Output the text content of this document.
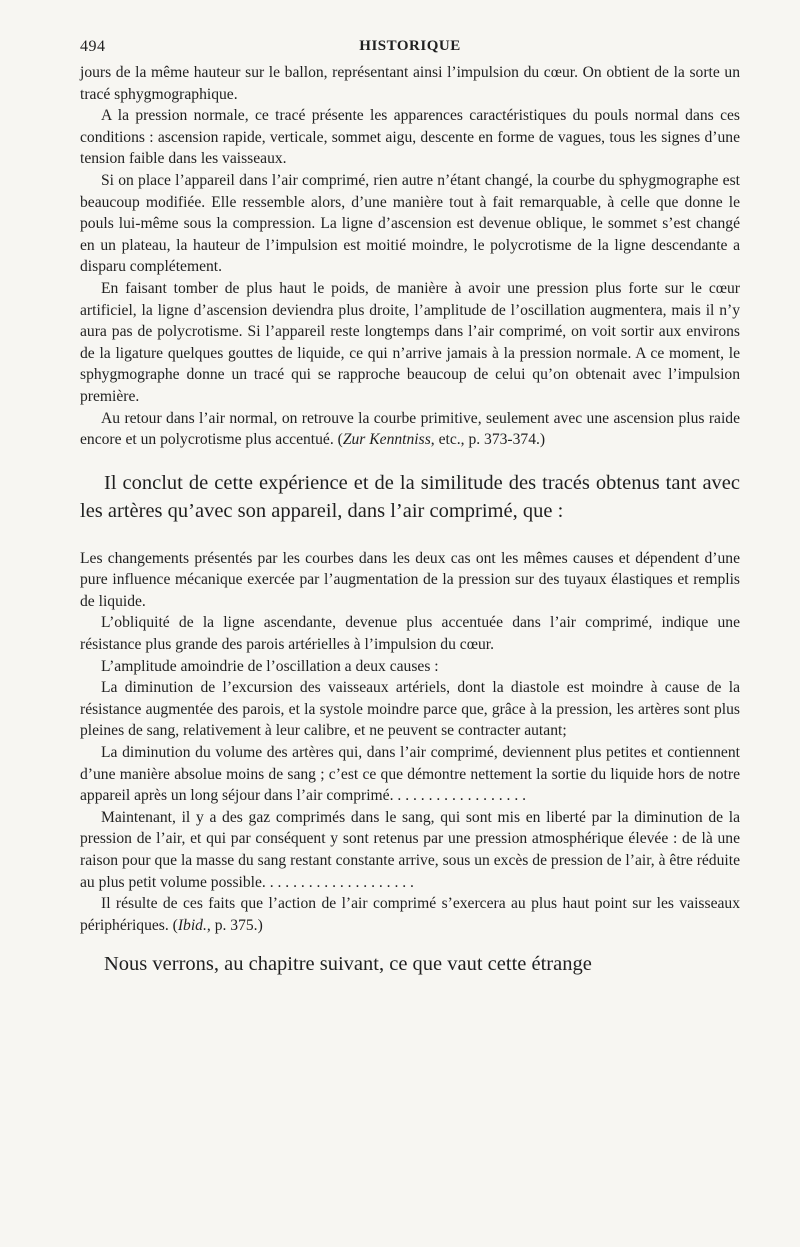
494	HISTORIQUE

jours de la même hauteur sur le ballon, représentant ainsi l’impulsion du cœur. On obtient de la sorte un tracé sphygmographique.

A la pression normale, ce tracé présente les apparences caractéristiques du pouls normal dans ces conditions : ascension rapide, verticale, sommet aigu, descente en forme de vagues, tous les signes d’une tension faible dans les vaisseaux.

Si on place l’appareil dans l’air comprimé, rien autre n’étant changé, la courbe du sphygmographe est beaucoup modifiée. Elle ressemble alors, d’une manière tout à fait remarquable, à celle que donne le pouls lui-même sous la compression. La ligne d’ascension est devenue oblique, le sommet s’est changé en un plateau, la hauteur de l’impulsion est moitié moindre, le polycrotisme de la ligne descendante a disparu complétement.

En faisant tomber de plus haut le poids, de manière à avoir une pression plus forte sur le cœur artificiel, la ligne d’ascension deviendra plus droite, l’amplitude de l’oscillation augmentera, mais il n’y aura pas de polycrotisme. Si l’appareil reste longtemps dans l’air comprimé, on voit sortir aux environs de la ligature quelques gouttes de liquide, ce qui n’arrive jamais à la pression normale. A ce moment, le sphygmographe donne un tracé qui se rapproche beaucoup de celui qu’on obtenait avec l’impulsion première.

Au retour dans l’air normal, on retrouve la courbe primitive, seulement avec une ascension plus raide encore et un polycrotisme plus accentué. (Zur Kenntniss, etc., p. 373-374.)

Il conclut de cette expérience et de la similitude des tracés obtenus tant avec les artères qu’avec son appareil, dans l’air comprimé, que :

Les changements présentés par les courbes dans les deux cas ont les mêmes causes et dépendent d’une pure influence mécanique exercée par l’augmentation de la pression sur des tuyaux élastiques et remplis de liquide.

L’obliquité de la ligne ascendante, devenue plus accentuée dans l’air comprimé, indique une résistance plus grande des parois artérielles à l’impulsion du cœur.

L’amplitude amoindrie de l’oscillation a deux causes :

La diminution de l’excursion des vaisseaux artériels, dont la diastole est moindre à cause de la résistance augmentée des parois, et la systole moindre parce que, grâce à la pression, les artères sont plus pleines de sang, relativement à leur calibre, et ne peuvent se contracter autant;

La diminution du volume des artères qui, dans l’air comprimé, deviennent plus petites et contiennent d’une manière absolue moins de sang ; c’est ce que démontre nettement la sortie du liquide hors de notre appareil après un long séjour dans l’air comprimé. . . . . . . . . . . . . . . . . .

Maintenant, il y a des gaz comprimés dans le sang, qui sont mis en liberté par la diminution de la pression de l’air, et qui par conséquent y sont retenus par une pression atmosphérique élevée : de là une raison pour que la masse du sang restant constante arrive, sous un excès de pression de l’air, à être réduite au plus petit volume possible. . . . . . . . . . . . . . . . . . . .

Il résulte de ces faits que l’action de l’air comprimé s’exercera au plus haut point sur les vaisseaux périphériques. (Ibid., p. 375.)

Nous verrons, au chapitre suivant, ce que vaut cette étrange
